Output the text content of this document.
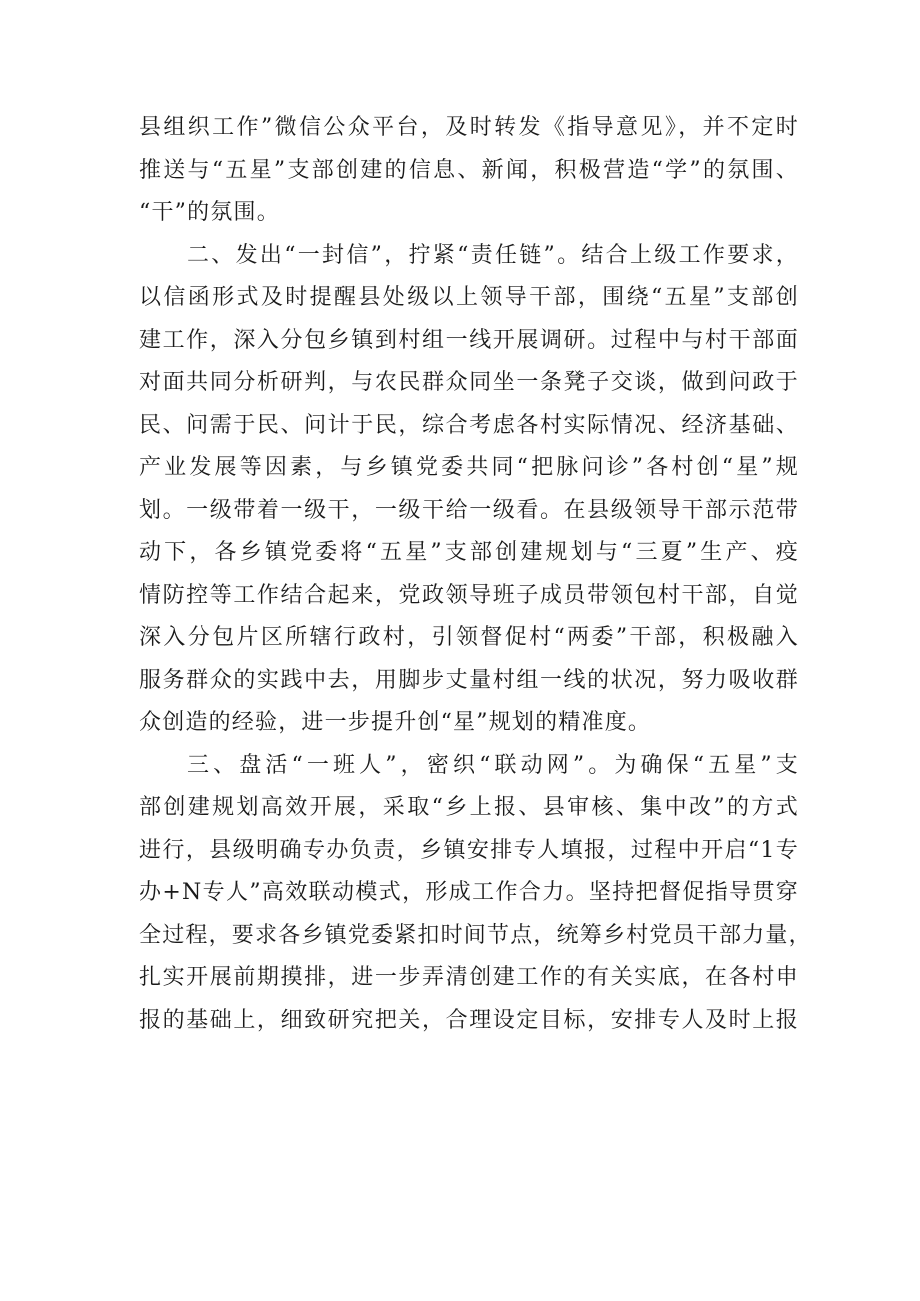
县组织工作”微信公众平台，及时转发《指导意见》，并不定时
推送与“五星”支部创建的信息、新闻，积极营造“学”的氛围、
“干”的氛围。
二、发出“一封信”，拧紧“责任链”。结合上级工作要求，
以信函形式及时提醒县处级以上领导干部，围绕“五星”支部创
建工作，深入分包乡镇到村组一线开展调研。过程中与村干部面
对面共同分析研判，与农民群众同坐一条凳子交谈，做到问政于
民、问需于民、问计于民，综合考虑各村实际情况、经济基础、
产业发展等因素，与乡镇党委共同“把脉问诊”各村创“星”规
划。一级带着一级干，一级干给一级看。在县级领导干部示范带
动下，各乡镇党委将“五星”支部创建规划与“三夏”生产、疫
情防控等工作结合起来，党政领导班子成员带领包村干部，自觉
深入分包片区所辖行政村，引领督促村“两委”干部，积极融入
服务群众的实践中去，用脚步丈量村组一线的状况，努力吸收群
众创造的经验，进一步提升创“星”规划的精准度。
三、盘活“一班人”，密织“联动网”。为确保“五星”支
部创建规划高效开展，采取“乡上报、县审核、集中改”的方式
进行，县级明确专办负责，乡镇安排专人填报，过程中开启“1专
办+N专人”高效联动模式，形成工作合力。坚持把督促指导贯穿
全过程，要求各乡镇党委紧扣时间节点，统筹乡村党员干部力量，
扎实开展前期摸排，进一步弄清创建工作的有关实底，在各村申
报的基础上，细致研究把关，合理设定目标，安排专人及时上报
